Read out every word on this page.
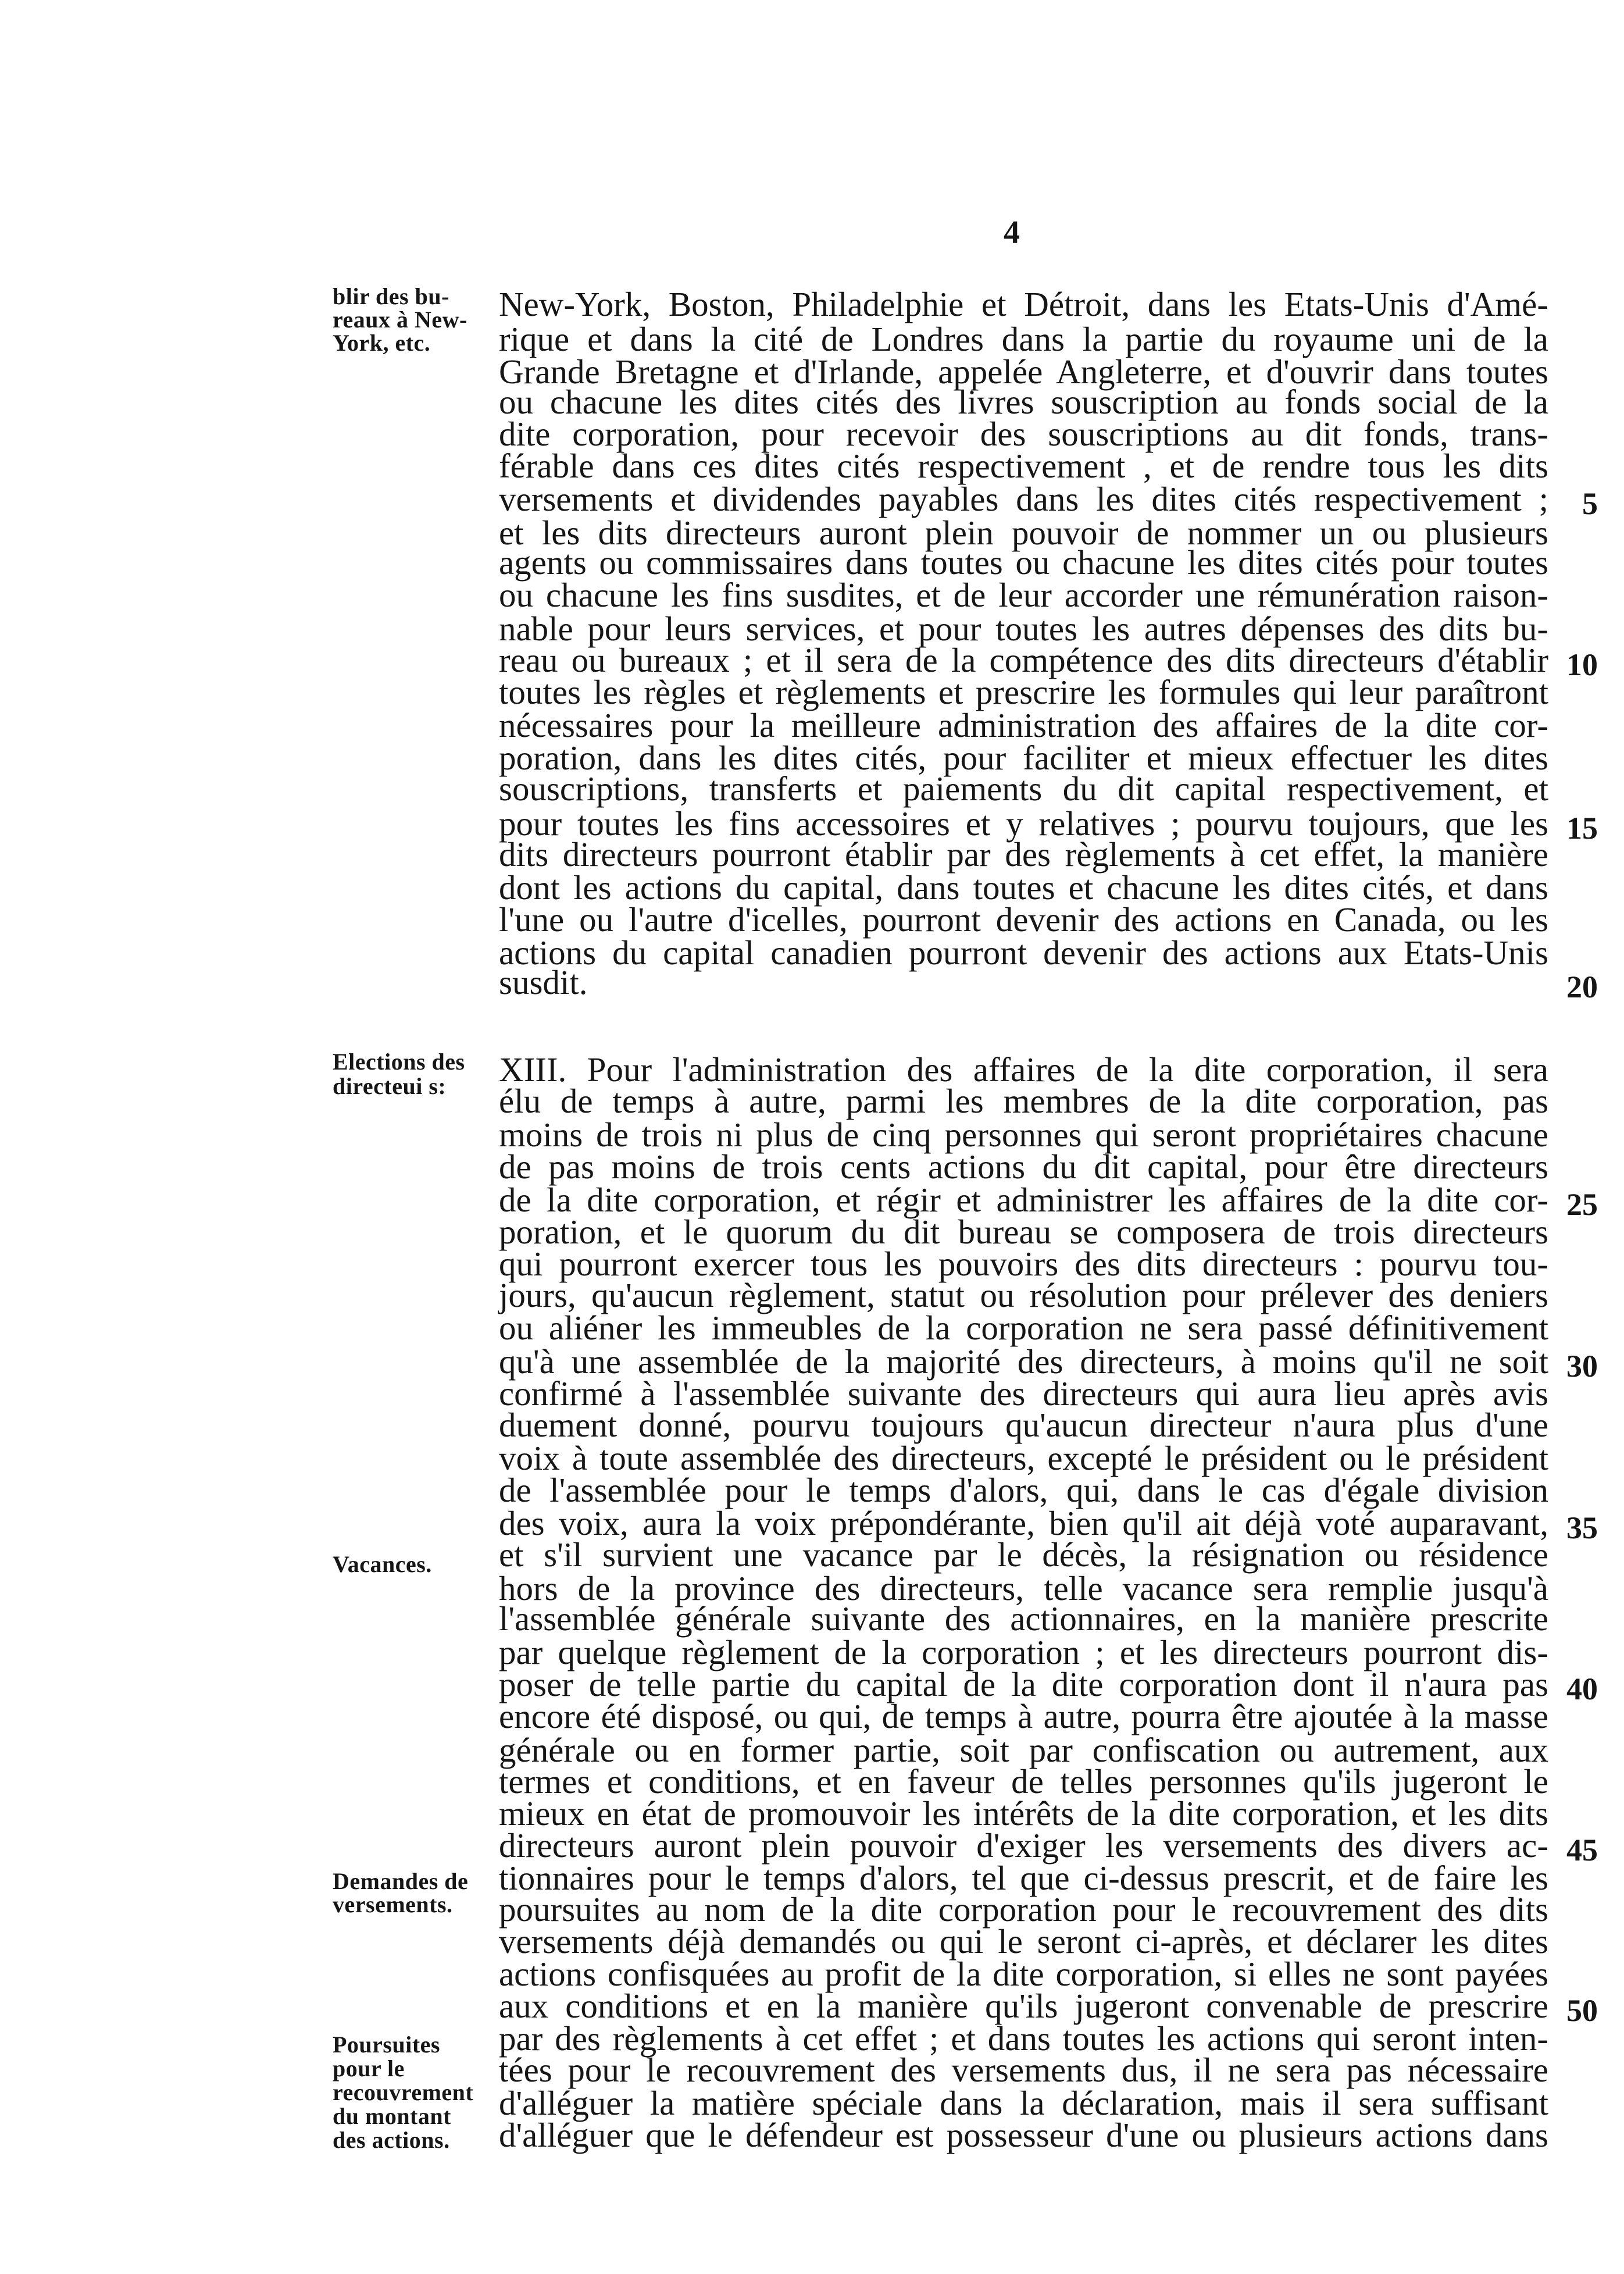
4
blir des bu-
reaux à New-
York, etc.
Elections des
directeui s:
Vacances.
Demandes de
versements.
Poursuites
pour le
recouvrement
du montant
des actions.
New-York, Boston, Philadelphie et Détroit, dans les Etats-Unis d'Amé-
rique et dans la cité de Londres dans la partie du royaume uni de la
Grande Bretagne et d'Irlande, appelée Angleterre, et d'ouvrir dans toutes
ou chacune les dites cités des livres souscription au fonds social de la
dite corporation, pour recevoir des souscriptions au dit fonds, trans-
férable dans ces dites cités respectivement , et de rendre tous les dits
versements et dividendes payables dans les dites cités respectivement ;
et les dits directeurs auront plein pouvoir de nommer un ou plusieurs
agents ou commissaires dans toutes ou chacune les dites cités pour toutes
ou chacune les fins susdites, et de leur accorder une rémunération raison-
nable pour leurs services, et pour toutes les autres dépenses des dits bu-
reau ou bureaux ; et il sera de la compétence des dits directeurs d'établir
toutes les règles et règlements et prescrire les formules qui leur paraîtront
nécessaires pour la meilleure administration des affaires de la dite cor-
poration, dans les dites cités, pour faciliter et mieux effectuer les dites
souscriptions, transferts et paiements du dit capital respectivement, et
pour toutes les fins accessoires et y relatives ; pourvu toujours, que les
dits directeurs pourront établir par des règlements à cet effet, la manière
dont les actions du capital, dans toutes et chacune les dites cités, et dans
l'une ou l'autre d'icelles, pourront devenir des actions en Canada, ou les
actions du capital canadien pourront devenir des actions aux Etats-Unis
susdit.
XIII. Pour l'administration des affaires de la dite corporation, il sera
élu de temps à autre, parmi les membres de la dite corporation, pas
moins de trois ni plus de cinq personnes qui seront propriétaires chacune
de pas moins de trois cents actions du dit capital, pour être directeurs
de la dite corporation, et régir et administrer les affaires de la dite cor-
poration, et le quorum du dit bureau se composera de trois directeurs
qui pourront exercer tous les pouvoirs des dits directeurs : pourvu tou-
jours, qu'aucun règlement, statut ou résolution pour prélever des deniers
ou aliéner les immeubles de la corporation ne sera passé définitivement
qu'à une assemblée de la majorité des directeurs, à moins qu'il ne soit
confirmé à l'assemblée suivante des directeurs qui aura lieu après avis
duement donné, pourvu toujours qu'aucun directeur n'aura plus d'une
voix à toute assemblée des directeurs, excepté le président ou le président
de l'assemblée pour le temps d'alors, qui, dans le cas d'égale division
des voix, aura la voix prépondérante, bien qu'il ait déjà voté auparavant,
et s'il survient une vacance par le décès, la résignation ou résidence
hors de la province des directeurs, telle vacance sera remplie jusqu'à
l'assemblée générale suivante des actionnaires, en la manière prescrite
par quelque règlement de la corporation ; et les directeurs pourront dis-
poser de telle partie du capital de la dite corporation dont il n'aura pas
encore été disposé, ou qui, de temps à autre, pourra être ajoutée à la masse
générale ou en former partie, soit par confiscation ou autrement, aux
termes et conditions, et en faveur de telles personnes qu'ils jugeront le
mieux en état de promouvoir les intérêts de la dite corporation, et les dits
directeurs auront plein pouvoir d'exiger les versements des divers ac-
tionnaires pour le temps d'alors, tel que ci-dessus prescrit, et de faire les
poursuites au nom de la dite corporation pour le recouvrement des dits
versements déjà demandés ou qui le seront ci-après, et déclarer les dites
actions confisquées au profit de la dite corporation, si elles ne sont payées
aux conditions et en la manière qu'ils jugeront convenable de prescrire
par des règlements à cet effet ; et dans toutes les actions qui seront inten-
tées pour le recouvrement des versements dus, il ne sera pas nécessaire
d'alléguer la matière spéciale dans la déclaration, mais il sera suffisant
d'alléguer que le défendeur est possesseur d'une ou plusieurs actions dans
5
10
15
20
25
30
35
40
45
50
